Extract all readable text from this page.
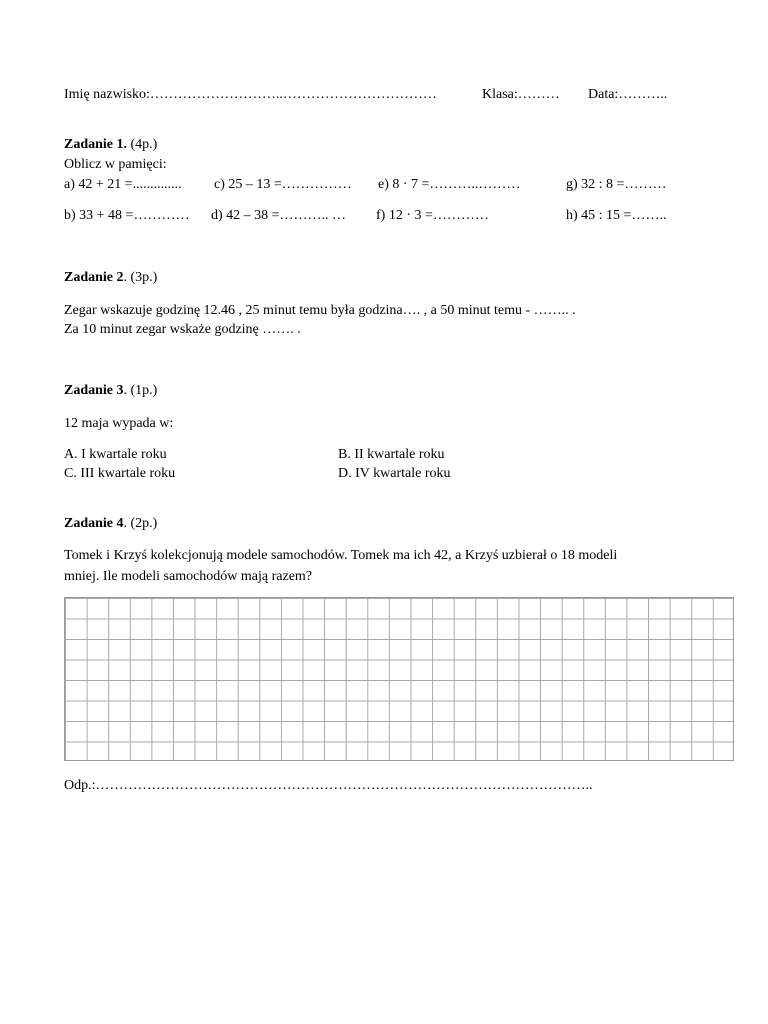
Imię nazwisko:………………………..……………………………	Klasa:……… Data:………..
Zadanie 1. (4p.)
Oblicz w pamięci:
a) 42 + 21 =.............. c) 25 – 13 =…………… e) 8 · 7 =………..………	g) 32 : 8 =………
b) 33 + 48 =………… d) 42 – 38 =……….. … f) 12 · 3 =…………	h) 45 : 15 =……..
Zadanie 2. (3p.)
Zegar wskazuje godzinę 12.46 , 25 minut temu była godzina…. , a 50 minut temu - …….. .
Za 10 minut zegar wskaże godzinę ……. .
Zadanie 3. (1p.)
12 maja wypada w:
A. I kwartale roku	B. II kwartale roku
C. III kwartale roku	D. IV kwartale roku
Zadanie 4. (2p.)
Tomek i Krzyś kolekcjonują modele samochodów. Tomek ma ich 42, a Krzyś uzbierał o 18 modeli
mniej. Ile modeli samochodów mają razem?
Odp.:……………………………………………………………………………………………..
